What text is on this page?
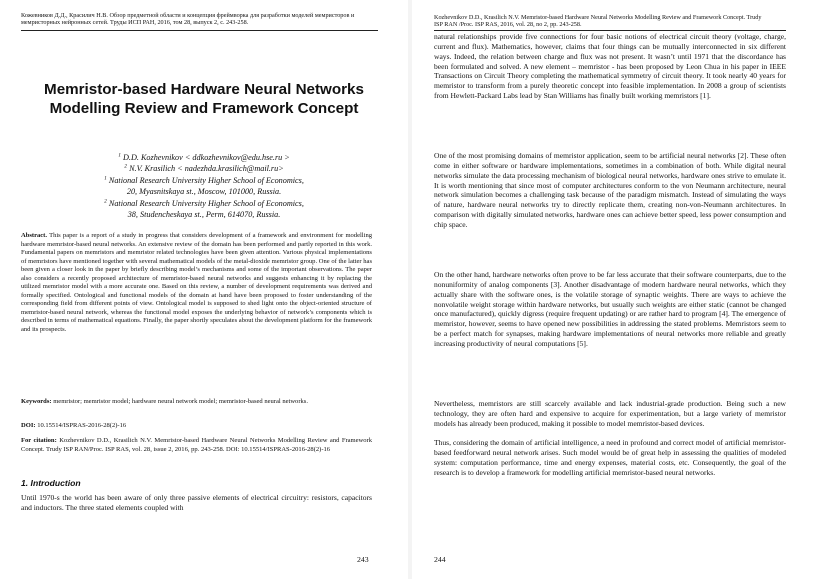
Кожевников Д.Д., Красилич Н.В. Обзор предметной области и концепция фреймворка для разработки моделей мемристоров и мемристорных нейронных сетей. Труды ИСП РАН, 2016, том 28, выпуск 2, с. 243-258.
Memristor-based Hardware Neural Networks
Modelling Review and Framework Concept
$^1$ D.D. Kozhevnikov < ddkozhevnikov@edu.hse.ru >
$^2$ N.V. Krasilich < nadezhda.krasilich@mail.ru>
$^1$ National Research University Higher School of Economics,
20, Myasnitskaya st., Moscow, 101000, Russia.
$^2$ National Research University Higher School of Economics,
38, Studencheskaya st., Perm, 614070, Russia.
Abstract. This paper is a report of a study in progress that considers development of a framework and environment for modelling hardware memristor-based neural networks. An extensive review of the domain has been performed and partly reported in this work. Fundamental papers on memristors and memristor related technologies have been given attention. Various physical implementations of memristors have mentioned together with several mathematical models of the metal-dioxide memristor group. One of the latter has been given a closer look in the paper by briefly describing model’s mechanisms and some of the important observations. The paper also considers a recently proposed architecture of memristor-based neural networks and suggests enhancing it by replacing the utilized memristor model with a more accurate one. Based on this review, a number of development requirements was derived and formally specified. Ontological and functional models of the domain at hand have been proposed to foster understanding of the corresponding field from different points of view. Ontological model is supposed to shed light onto the object-oriented structure of memristor-based neural network, whereas the functional model exposes the underlying behavior of network’s components which is described in terms of mathematical equations. Finally, the paper shortly speculates about the development platform for the framework and its prospects.
Keywords: memristor; memristor model; hardware neural network model; memristor-based neural networks.
DOI: 10.15514/ISPRAS-2016-28(2)-16
For citation: Kozhevnikov D.D., Krasilich N.V. Memristor-based Hardware Neural Networks Modelling Review and Framework Concept. Trudy ISP RAN/Proc. ISP RAS, vol. 28, issue 2, 2016, pp. 243-258. DOI: 10.15514/ISPRAS-2016-28(2)-16
1. Introduction
Until 1970-s the world has been aware of only three passive elements of electrical circuitry: resistors, capacitors and inductors. The three stated elements coupled with
243
Kozhevnikov D.D., Krasilich N.V. Memristor-based Hardware Neural Networks Modelling Review and Framework Concept. Trudy ISP RAN /Proc. ISP RAS, 2016, vol. 28, no 2, pp. 243-258.
natural relationships provide five connections for four basic notions of electrical circuit theory (voltage, charge, current and flux). Mathematics, however, claims that four things can be mutually interconnected in six different ways. Indeed, the relation between charge and flux was not present. It wasn’t until 1971 that the discordance has been formulated and solved. A new element – memristor - has been proposed by Leon Chua in his paper in IEEE Transactions on Circuit Theory completing the mathematical symmetry of circuit theory. It took nearly 40 years for memristor to transform from a purely theoretic concept into feasible implementation. In 2008 a group of scientists from Hewlett-Packard Labs lead by Stan Williams has finally built working memristors [1].
One of the most promising domains of memristor application, seem to be artificial neural networks [2]. These often come in either software or hardware implementations, sometimes in a combination of both. While digital neural networks simulate the data processing mechanism of biological neural networks, hardware ones strive to emulate it. It is worth mentioning that since most of computer architectures conform to the von Neumann architecture, neural network simulation becomes a challenging task because of the paradigm mismatch. Instead of simulating the ways of nature, hardware neural networks try to directly replicate them, creating non-von-Neumann architectures. In comparison with digitally simulated networks, hardware ones can achieve better speed, less power consumption and chip space.
On the other hand, hardware networks often prove to be far less accurate that their software counterparts, due to the nonuniformity of analog components [3]. Another disadvantage of modern hardware neural networks, which they actually share with the software ones, is the volatile storage of synaptic weights. There are ways to achieve the nonvolatile weight storage within hardware networks, but usually such weights are either static (cannot be changed once manufactured), quickly digress (require frequent updating) or are rather hard to program [4]. The emergence of memristor, however, seems to have opened new possibilities in addressing the stated problems. Memristors seem to be a perfect match for synapses, making hardware implementations of neural networks more reliable and greatly increasing productivity of neural computations [5].
Nevertheless, memristors are still scarcely available and lack industrial-grade production. Being such a new technology, they are often hard and expensive to acquire for experimentation, but a large variety of memristor models has already been produced, making it possible to model memristor-based devices.
Thus, considering the domain of artificial intelligence, a need in profound and correct model of artificial memristor-based feedforward neural network arises. Such model would be of great help in assessing the qualities of modeled system: computation performance, time and energy expenses, material costs, etc. Consequently, the goal of the research is to develop a framework for modelling artificial memristor-based neural networks.
244
